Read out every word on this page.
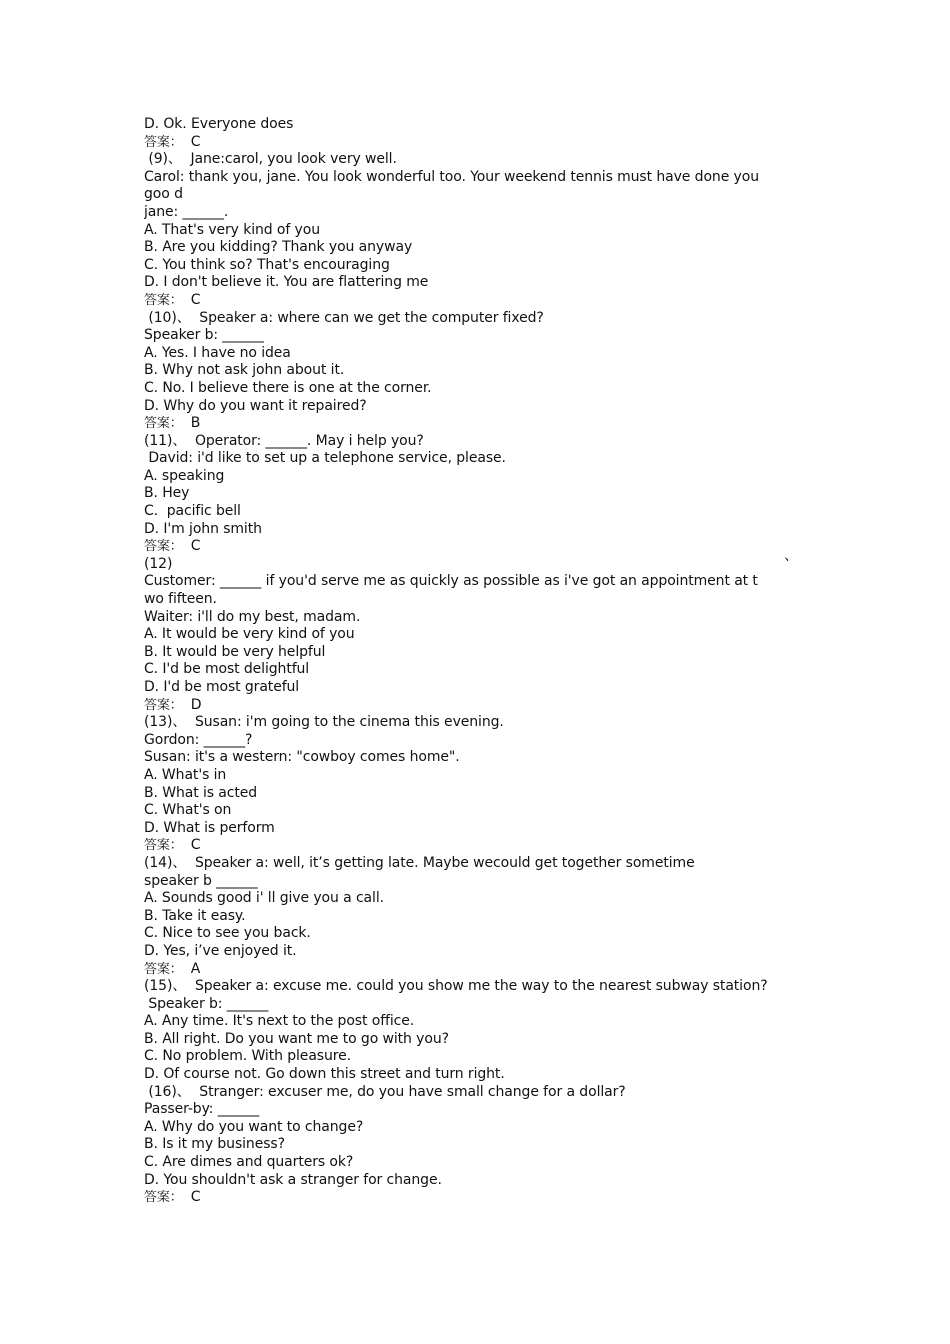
D. Ok. Everyone does
答案：  C
(9)、  Jane:carol, you look very well.
Carol: thank you, jane. You look wonderful too. Your weekend tennis must have done you
goo d
jane: ______.
A. That's very kind of you
B. Are you kidding? Thank you anyway
C. You think so? That's encouraging
D. I don't believe it. You are flattering me
答案：  C
(10)、  Speaker a: where can we get the computer fixed?
Speaker b: ______
A. Yes. I have no idea
B. Why not ask john about it.
C. No. I believe there is one at the corner.
D. Why do you want it repaired?
答案：  B
(11)、  Operator: ______. May i help you?
David: i'd like to set up a telephone service, please.
A. speaking
B. Hey
C.  pacific bell
D. I'm john smith
答案：  C
(12)	、
Customer: ______ if you'd serve me as quickly as possible as i've got an appointment at t
wo fifteen.
Waiter: i'll do my best, madam.
A. It would be very kind of you
B. It would be very helpful
C. I'd be most delightful
D. I'd be most grateful
答案：  D
(13)、  Susan: i'm going to the cinema this evening.
Gordon: ______?
Susan: it's a western: "cowboy comes home".
A. What's in
B. What is acted
C. What's on
D. What is perform
答案：  C
(14)、  Speaker a: well, it’s getting late. Maybe wecould get together sometime
speaker b ______
A. Sounds good i' ll give you a call.
B. Take it easy.
C. Nice to see you back.
D. Yes, i’ve enjoyed it.
答案：  A
(15)、  Speaker a: excuse me. could you show me the way to the nearest subway station?
Speaker b: ______
A. Any time. It's next to the post office.
B. All right. Do you want me to go with you?
C. No problem. With pleasure.
D. Of course not. Go down this street and turn right.
(16)、  Stranger: excuser me, do you have small change for a dollar?
Passer-by: ______
A. Why do you want to change?
B. Is it my business?
C. Are dimes and quarters ok?
D. You shouldn't ask a stranger for change.
答案：  C
